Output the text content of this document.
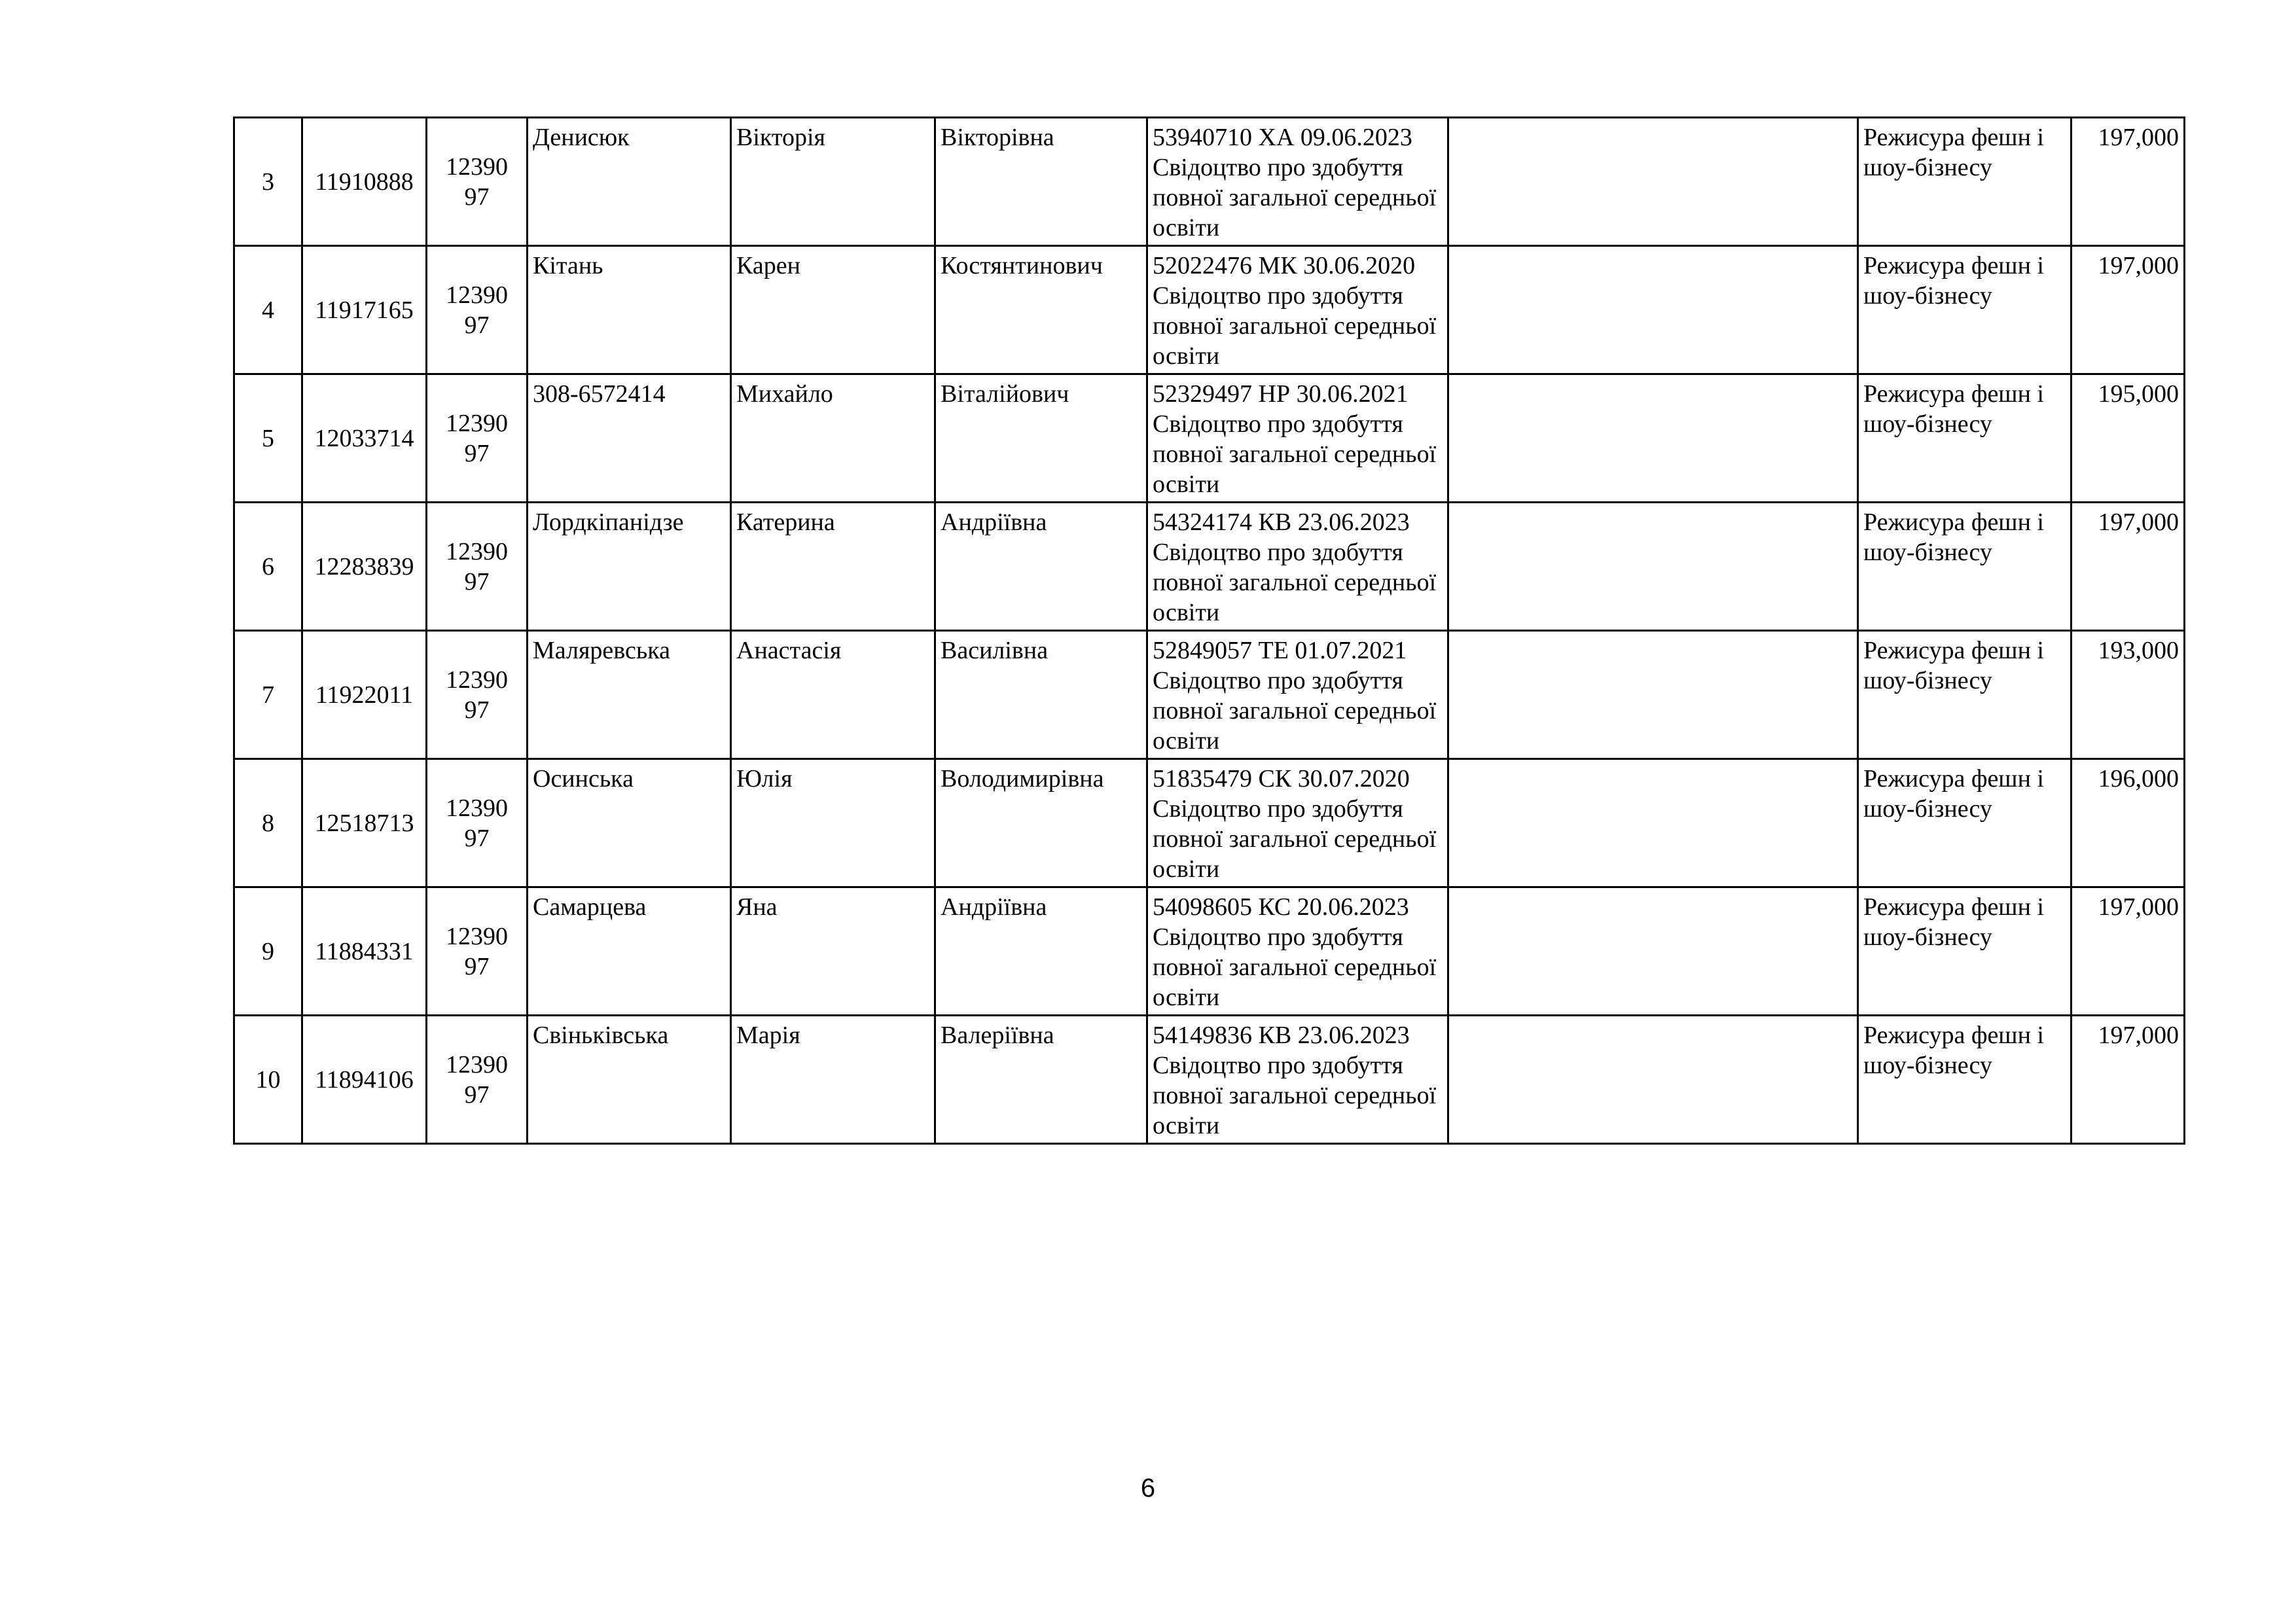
3	11910888	1239097	Денисюк	Вікторія	Вікторівна	53940710 ХА 09.06.2023 Свідоцтво про здобуття повної загальної середньої освіти		Режисура фешн і шоу-бізнесу	197,000
4	11917165	1239097	Кітань	Карен	Костянтинович	52022476 МК 30.06.2020 Свідоцтво про здобуття повної загальної середньої освіти		Режисура фешн і шоу-бізнесу	197,000
5	12033714	1239097	308-6572414	Михайло	Віталійович	52329497 НР 30.06.2021 Свідоцтво про здобуття повної загальної середньої освіти		Режисура фешн і шоу-бізнесу	195,000
6	12283839	1239097	Лордкіпанідзе	Катерина	Андріївна	54324174 КВ 23.06.2023 Свідоцтво про здобуття повної загальної середньої освіти		Режисура фешн і шоу-бізнесу	197,000
7	11922011	1239097	Маляревська	Анастасія	Василівна	52849057 ТЕ 01.07.2021 Свідоцтво про здобуття повної загальної середньої освіти		Режисура фешн і шоу-бізнесу	193,000
8	12518713	1239097	Осинська	Юлія	Володимирівна	51835479 СК 30.07.2020 Свідоцтво про здобуття повної загальної середньої освіти		Режисура фешн і шоу-бізнесу	196,000
9	11884331	1239097	Самарцева	Яна	Андріївна	54098605 КС 20.06.2023 Свідоцтво про здобуття повної загальної середньої освіти		Режисура фешн і шоу-бізнесу	197,000
10	11894106	1239097	Свіньківська	Марія	Валеріївна	54149836 КВ 23.06.2023 Свідоцтво про здобуття повної загальної середньої освіти		Режисура фешн і шоу-бізнесу	197,000
6
